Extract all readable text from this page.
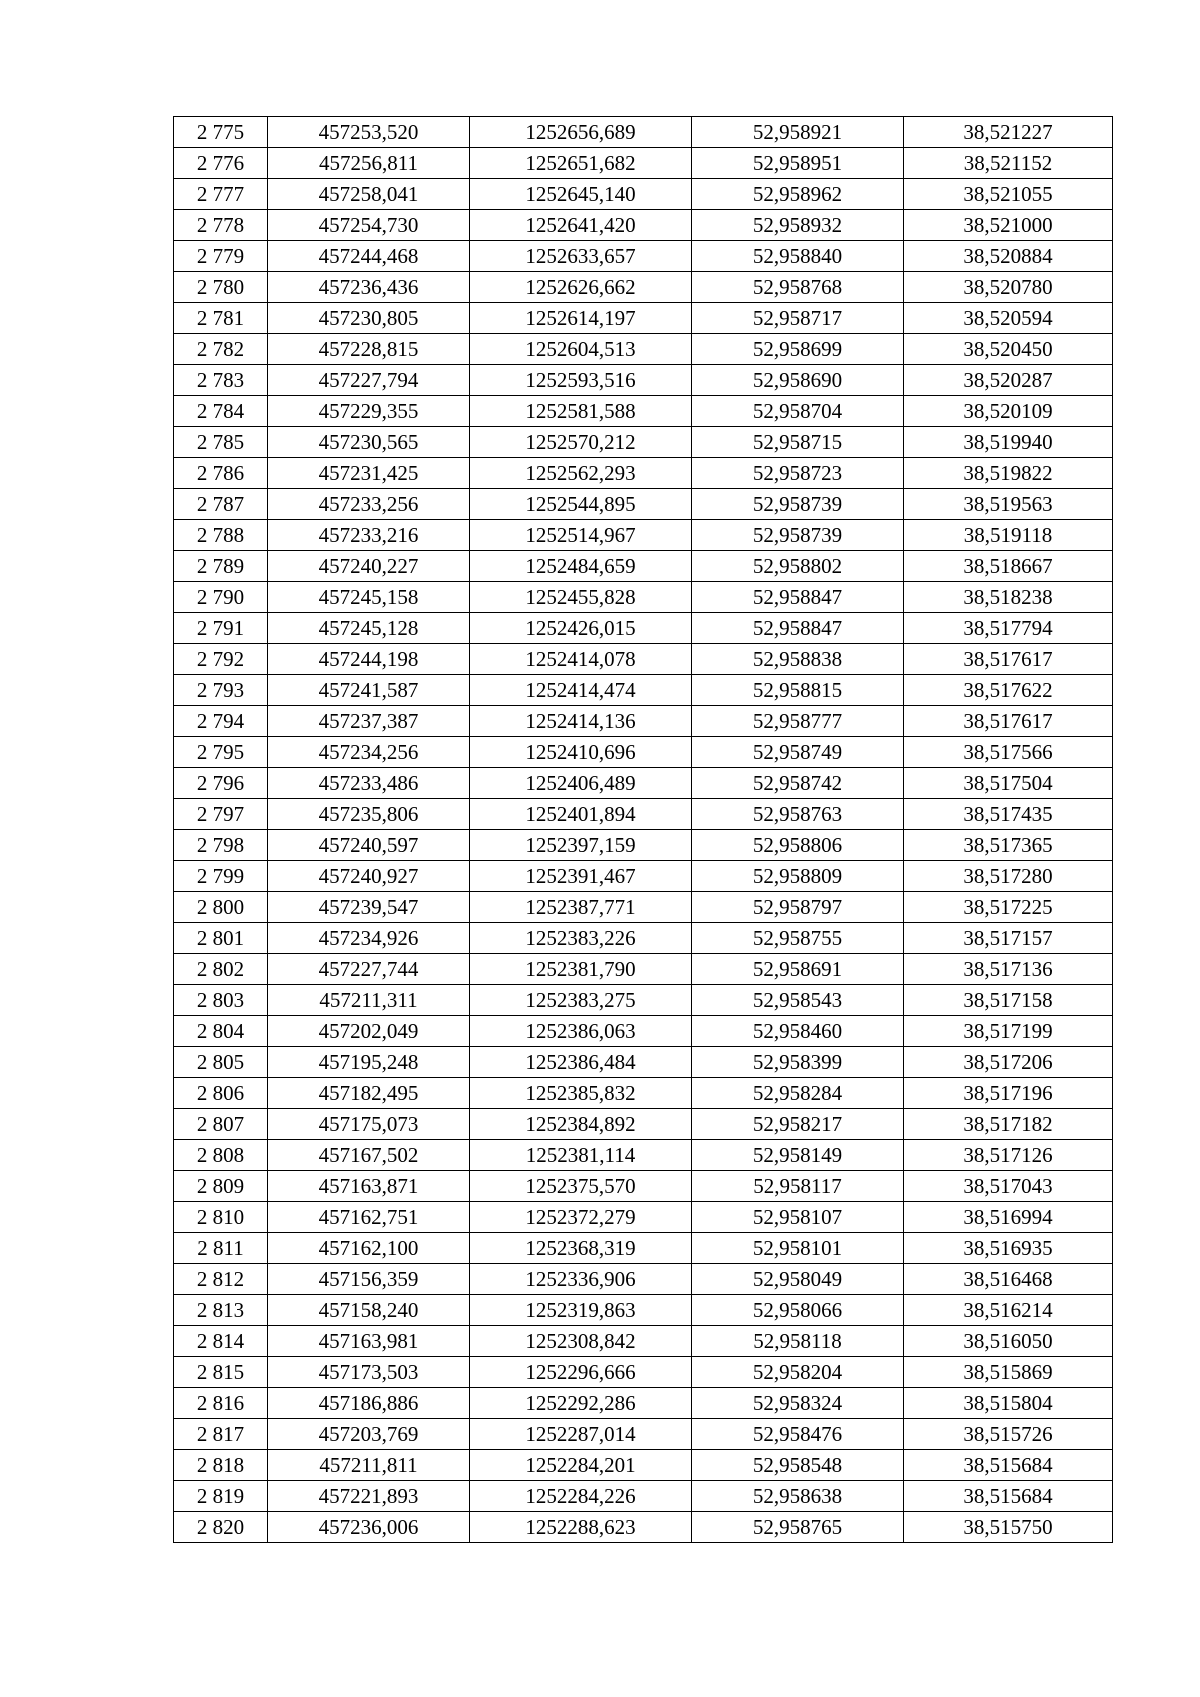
2 775	457253,520	1252656,689	52,958921	38,521227
2 776	457256,811	1252651,682	52,958951	38,521152
2 777	457258,041	1252645,140	52,958962	38,521055
2 778	457254,730	1252641,420	52,958932	38,521000
2 779	457244,468	1252633,657	52,958840	38,520884
2 780	457236,436	1252626,662	52,958768	38,520780
2 781	457230,805	1252614,197	52,958717	38,520594
2 782	457228,815	1252604,513	52,958699	38,520450
2 783	457227,794	1252593,516	52,958690	38,520287
2 784	457229,355	1252581,588	52,958704	38,520109
2 785	457230,565	1252570,212	52,958715	38,519940
2 786	457231,425	1252562,293	52,958723	38,519822
2 787	457233,256	1252544,895	52,958739	38,519563
2 788	457233,216	1252514,967	52,958739	38,519118
2 789	457240,227	1252484,659	52,958802	38,518667
2 790	457245,158	1252455,828	52,958847	38,518238
2 791	457245,128	1252426,015	52,958847	38,517794
2 792	457244,198	1252414,078	52,958838	38,517617
2 793	457241,587	1252414,474	52,958815	38,517622
2 794	457237,387	1252414,136	52,958777	38,517617
2 795	457234,256	1252410,696	52,958749	38,517566
2 796	457233,486	1252406,489	52,958742	38,517504
2 797	457235,806	1252401,894	52,958763	38,517435
2 798	457240,597	1252397,159	52,958806	38,517365
2 799	457240,927	1252391,467	52,958809	38,517280
2 800	457239,547	1252387,771	52,958797	38,517225
2 801	457234,926	1252383,226	52,958755	38,517157
2 802	457227,744	1252381,790	52,958691	38,517136
2 803	457211,311	1252383,275	52,958543	38,517158
2 804	457202,049	1252386,063	52,958460	38,517199
2 805	457195,248	1252386,484	52,958399	38,517206
2 806	457182,495	1252385,832	52,958284	38,517196
2 807	457175,073	1252384,892	52,958217	38,517182
2 808	457167,502	1252381,114	52,958149	38,517126
2 809	457163,871	1252375,570	52,958117	38,517043
2 810	457162,751	1252372,279	52,958107	38,516994
2 811	457162,100	1252368,319	52,958101	38,516935
2 812	457156,359	1252336,906	52,958049	38,516468
2 813	457158,240	1252319,863	52,958066	38,516214
2 814	457163,981	1252308,842	52,958118	38,516050
2 815	457173,503	1252296,666	52,958204	38,515869
2 816	457186,886	1252292,286	52,958324	38,515804
2 817	457203,769	1252287,014	52,958476	38,515726
2 818	457211,811	1252284,201	52,958548	38,515684
2 819	457221,893	1252284,226	52,958638	38,515684
2 820	457236,006	1252288,623	52,958765	38,515750
